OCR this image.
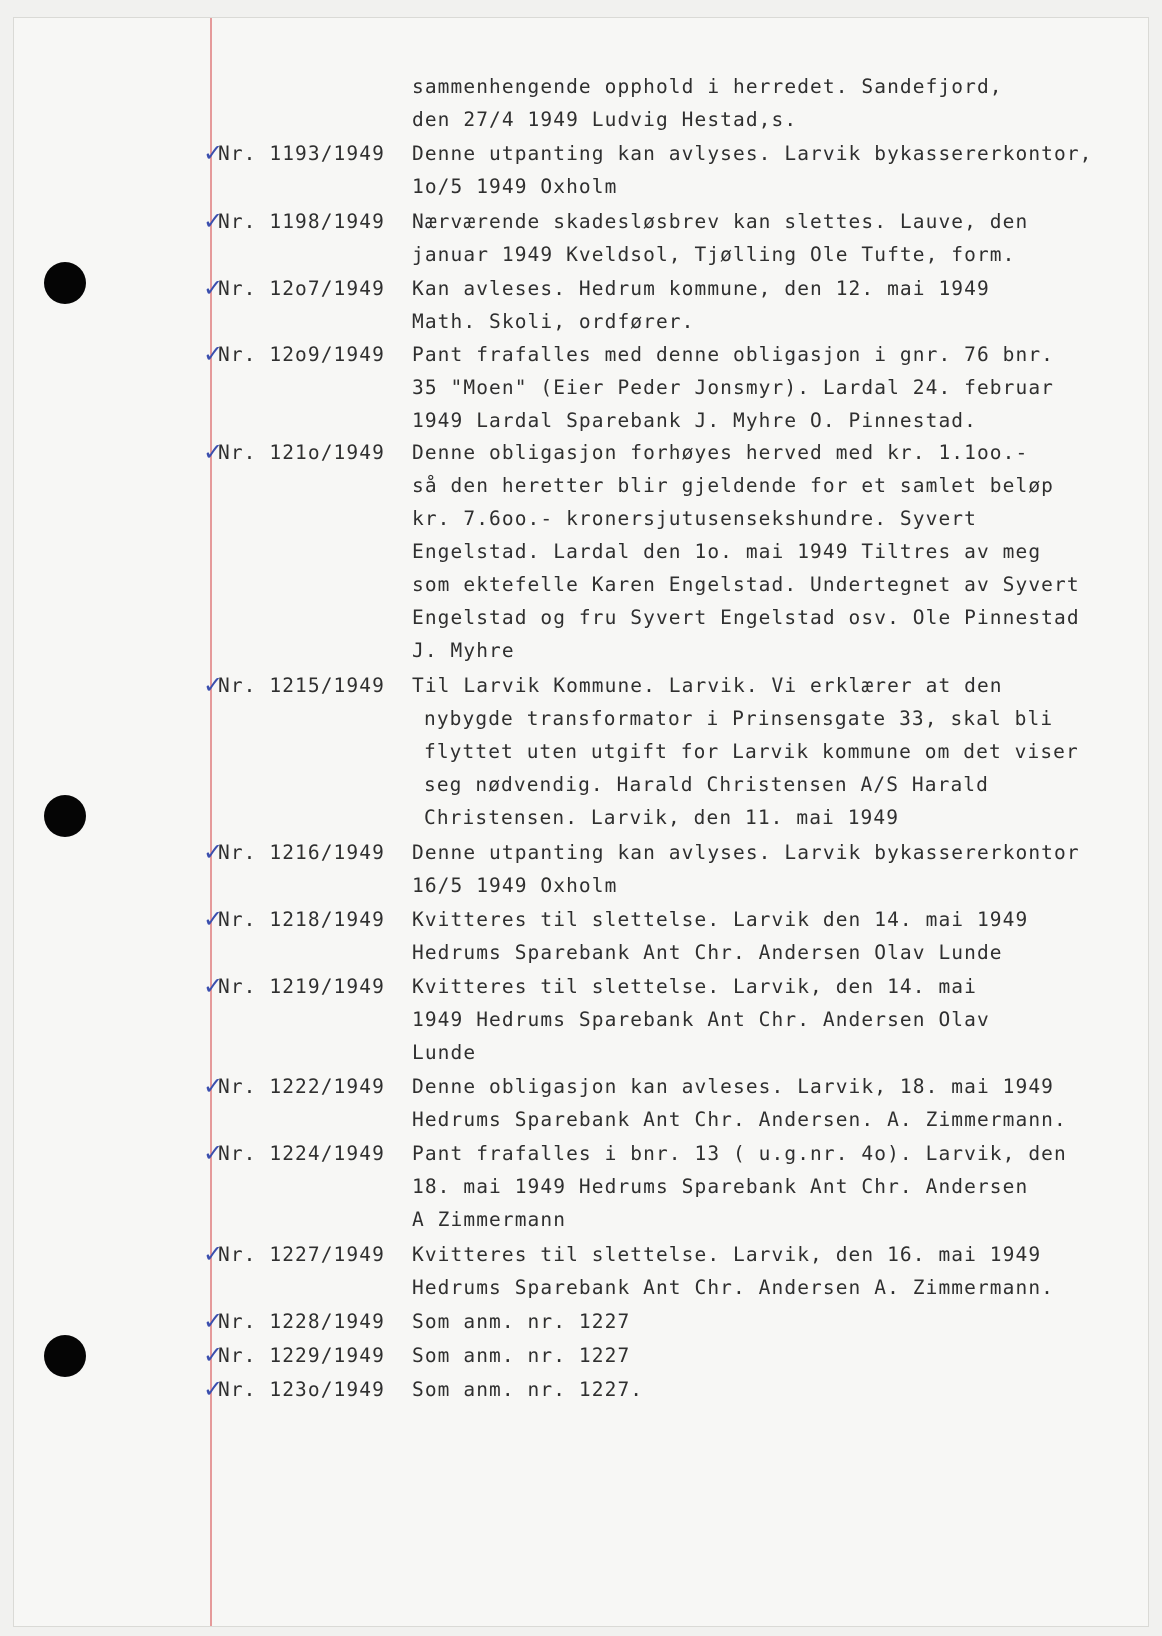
sammenhengende opphold i herredet. Sandefjord,
den 27/4 1949 Ludvig Hestad,s.
✓
Nr. 1193/1949 Denne utpanting kan avlyses. Larvik bykassererkontor,
1o/5 1949 Oxholm
✓
Nr. 1198/1949 Nærværende skadesløsbrev kan slettes. Lauve, den
januar 1949 Kveldsol, Tjølling Ole Tufte, form.
✓
Nr. 12o7/1949 Kan avleses. Hedrum kommune, den 12. mai 1949
Math. Skoli, ordfører.
✓
Nr. 12o9/1949 Pant frafalles med denne obligasjon i gnr. 76 bnr.
35 "Moen" (Eier Peder Jonsmyr). Lardal 24. februar
1949 Lardal Sparebank J. Myhre O. Pinnestad.
✓
Nr. 121o/1949 Denne obligasjon forhøyes herved med kr. 1.1oo.-
så den heretter blir gjeldende for et samlet beløp
kr. 7.6oo.- kronersjutusensekshundre. Syvert
Engelstad. Lardal den 1o. mai 1949 Tiltres av meg
som ektefelle Karen Engelstad. Undertegnet av Syvert
Engelstad og fru Syvert Engelstad osv. Ole Pinnestad
J. Myhre
✓
Nr. 1215/1949 Til Larvik Kommune. Larvik. Vi erklærer at den
nybygde transformator i Prinsensgate 33, skal bli
flyttet uten utgift for Larvik kommune om det viser
seg nødvendig. Harald Christensen A/S Harald
Christensen. Larvik, den 11. mai 1949
✓
Nr. 1216/1949 Denne utpanting kan avlyses. Larvik bykassererkontor
16/5 1949 Oxholm
✓
Nr. 1218/1949 Kvitteres til slettelse. Larvik den 14. mai 1949
Hedrums Sparebank Ant Chr. Andersen Olav Lunde
✓
Nr. 1219/1949 Kvitteres til slettelse. Larvik, den 14. mai
1949 Hedrums Sparebank Ant Chr. Andersen Olav
Lunde
✓
Nr. 1222/1949 Denne obligasjon kan avleses. Larvik, 18. mai 1949
Hedrums Sparebank Ant Chr. Andersen. A. Zimmermann.
✓
Nr. 1224/1949 Pant frafalles i bnr. 13 ( u.g.nr. 4o). Larvik, den
18. mai 1949 Hedrums Sparebank Ant Chr. Andersen
A Zimmermann
✓
Nr. 1227/1949 Kvitteres til slettelse. Larvik, den 16. mai 1949
Hedrums Sparebank Ant Chr. Andersen A. Zimmermann.
✓
Nr. 1228/1949 Som anm. nr. 1227
✓
Nr. 1229/1949 Som anm. nr. 1227
✓
Nr. 123o/1949 Som anm. nr. 1227.
